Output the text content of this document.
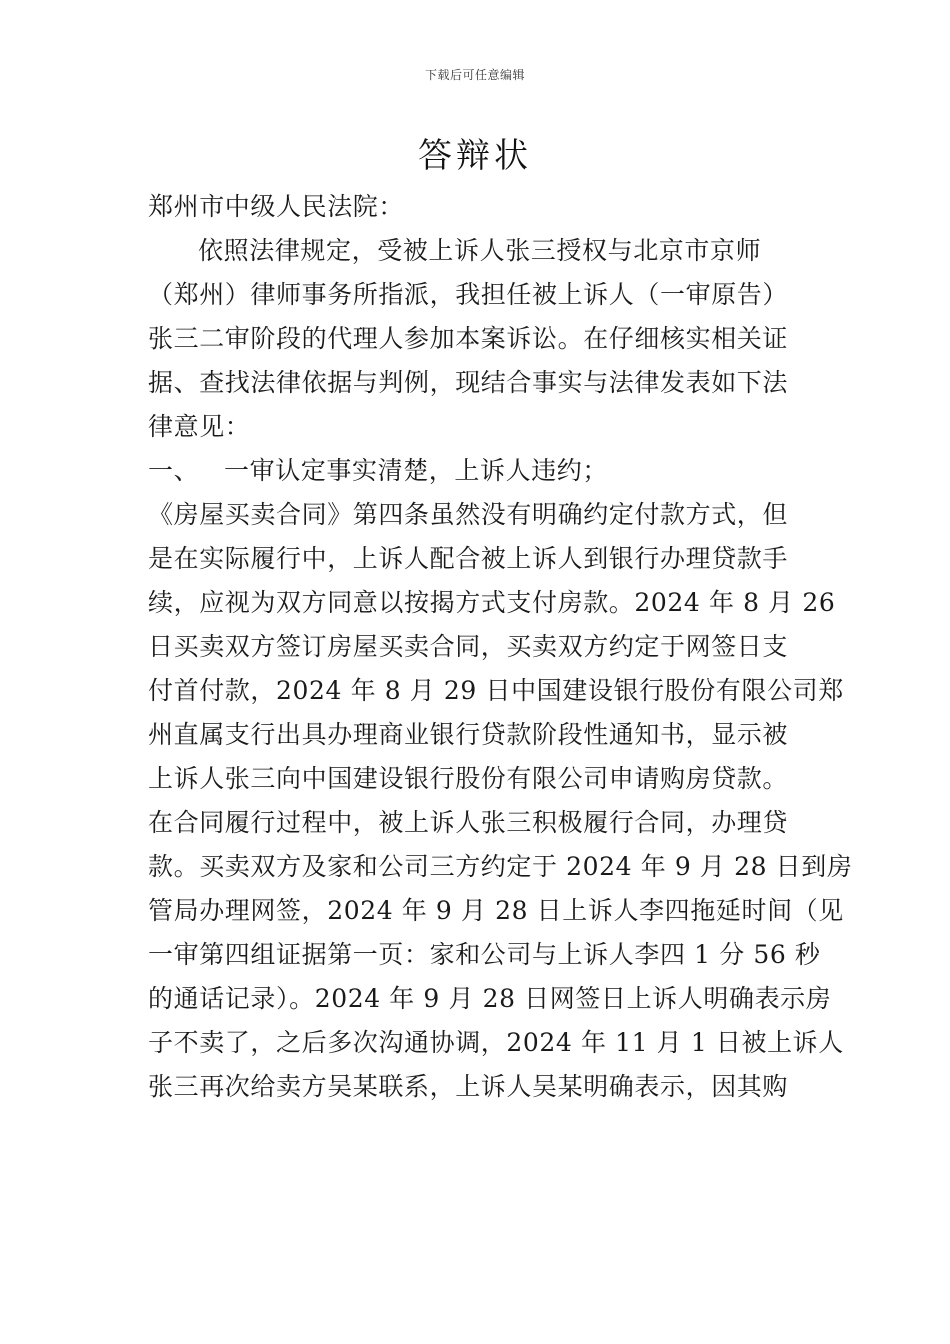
下载后可任意编辑
答辩状
郑州市中级人民法院：
依照法律规定，受被上诉人张三授权与北京市京师
（郑州）律师事务所指派，我担任被上诉人（一审原告）
张三二审阶段的代理人参加本案诉讼。在仔细核实相关证
据、查找法律依据与判例，现结合事实与法律发表如下法
律意见：
一、 一审认定事实清楚，上诉人违约；
《房屋买卖合同》第四条虽然没有明确约定付款方式，但
是在实际履行中，上诉人配合被上诉人到银行办理贷款手
续，应视为双方同意以按揭方式支付房款。2024 年 8 月 26
日买卖双方签订房屋买卖合同，买卖双方约定于网签日支
付首付款，2024 年 8 月 29 日中国建设银行股份有限公司郑
州直属支行出具办理商业银行贷款阶段性通知书，显示被
上诉人张三向中国建设银行股份有限公司申请购房贷款。
在合同履行过程中，被上诉人张三积极履行合同，办理贷
款。买卖双方及家和公司三方约定于 2024 年 9 月 28 日到房
管局办理网签，2024 年 9 月 28 日上诉人李四拖延时间（见
一审第四组证据第一页：家和公司与上诉人李四 1 分 56 秒
的通话记录）。2024 年 9 月 28 日网签日上诉人明确表示房
子不卖了，之后多次沟通协调，2024 年 11 月 1 日被上诉人
张三再次给卖方吴某联系，上诉人吴某明确表示，因其购
